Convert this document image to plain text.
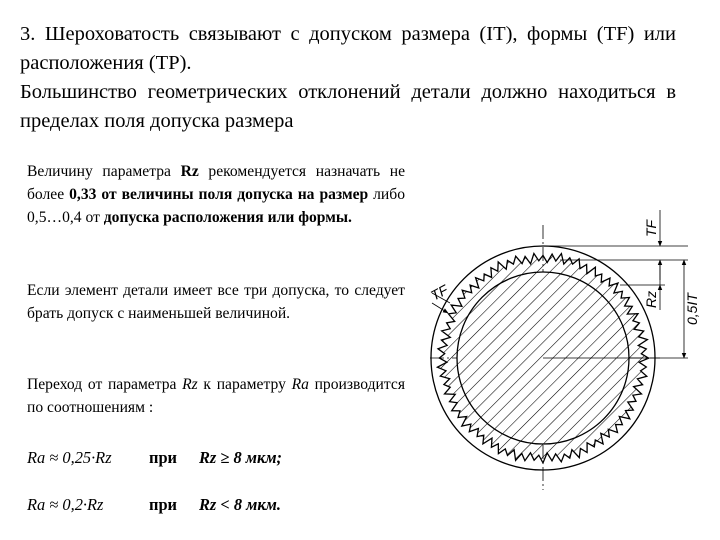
3. Шероховатость связывают с допуском размера (IT), формы (TF) или расположения (TP).

Большинство геометрических отклонений детали должно находиться в пределах поля допуска размера

Величину параметра Rz рекомендуется назначать не более 0,33 от величины поля допуска на размер либо 0,5…0,4 от допуска расположения или формы.
Если элемент детали имеет все три допуска, то следует брать допуск с наименьшей величиной.
Переход от параметра Rz к параметру Ra производится по соотношениям :
Ra ≈ 0,25·Rz при Rz ≥ 8 мкм;
Ra ≈ 0,2·Rz	при Rz < 8 мкм.
TF
Rz 0,5IT
TF
